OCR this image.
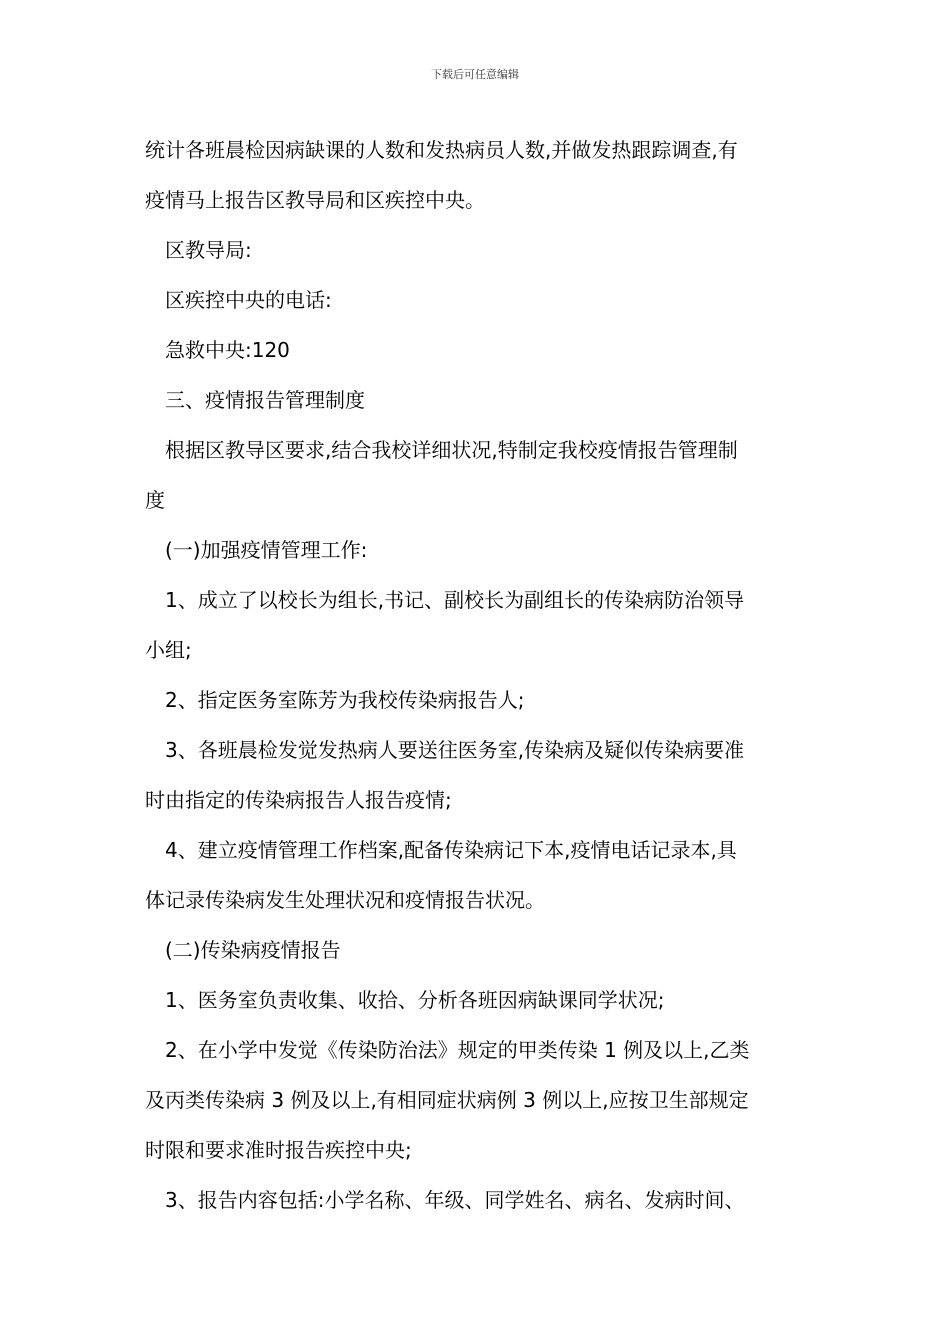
下载后可任意编辑
统计各班晨检因病缺课的人数和发热病员人数,并做发热跟踪调查,有
疫情马上报告区教导局和区疾控中央。
区教导局:
区疾控中央的电话:
急救中央:120
三、疫情报告管理制度
根据区教导区要求,结合我校详细状况,特制定我校疫情报告管理制
度
(一)加强疫情管理工作:
1、成立了以校长为组长,书记、副校长为副组长的传染病防治领导
小组;
2、指定医务室陈芳为我校传染病报告人;
3、各班晨检发觉发热病人要送往医务室,传染病及疑似传染病要准
时由指定的传染病报告人报告疫情;
4、建立疫情管理工作档案,配备传染病记下本,疫情电话记录本,具
体记录传染病发生处理状况和疫情报告状况。
(二)传染病疫情报告
1、医务室负责收集、收拾、分析各班因病缺课同学状况;
2、在小学中发觉《传染防治法》规定的甲类传染 1 例及以上,乙类
及丙类传染病 3 例及以上,有相同症状病例 3 例以上,应按卫生部规定
时限和要求准时报告疾控中央;
3、报告内容包括:小学名称、年级、同学姓名、病名、发病时间、
